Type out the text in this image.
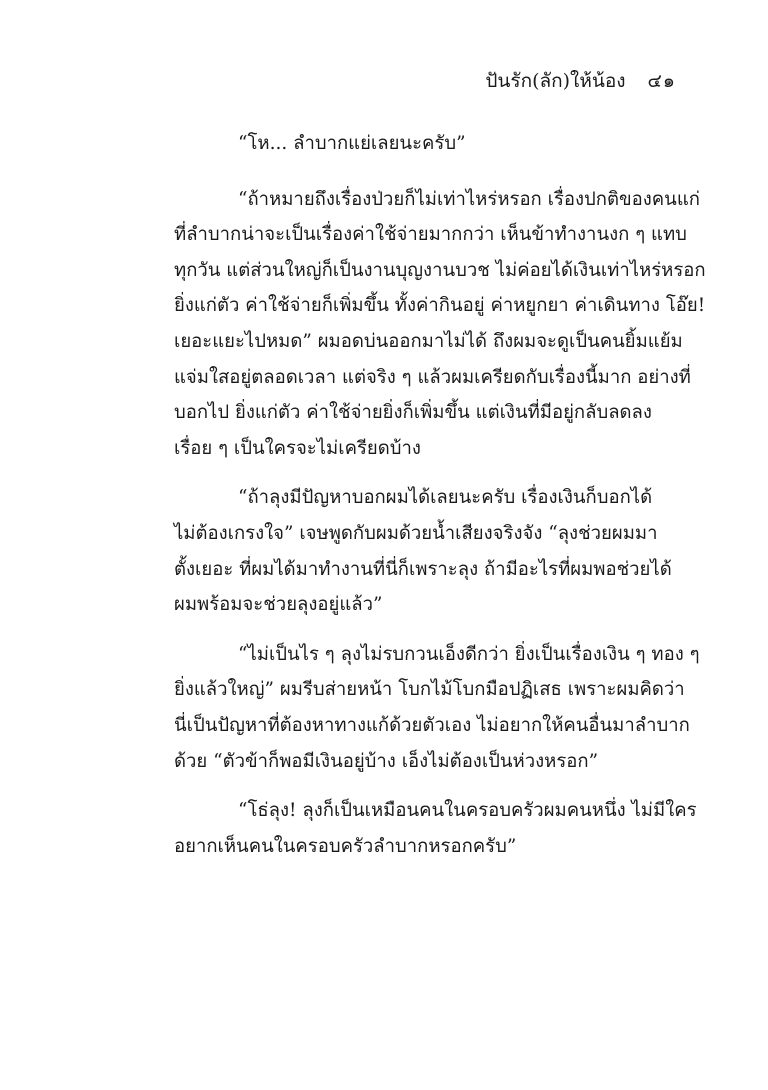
ปันรัก(ลัก)ให้น้อง ๔๑

“โห... ลำบากแย่เลยนะครับ”

“ถ้าหมายถึงเรื่องป่วยก็ไม่เท่าไหร่หรอก เรื่องปกติของคนแก่
ที่ลำบากน่าจะเป็นเรื่องค่าใช้จ่ายมากกว่า เห็นข้าทำงานงก ๆ แทบ
ทุกวัน แต่ส่วนใหญ่ก็เป็นงานบุญงานบวช ไม่ค่อยได้เงินเท่าไหร่หรอก
ยิ่งแก่ตัว ค่าใช้จ่ายก็เพิ่มขึ้น ทั้งค่ากินอยู่ ค่าหยูกยา ค่าเดินทาง โอ๊ย!
เยอะแยะไปหมด” ผมอดบ่นออกมาไม่ได้ ถึงผมจะดูเป็นคนยิ้มแย้ม
แจ่มใสอยู่ตลอดเวลา แต่จริง ๆ แล้วผมเครียดกับเรื่องนี้มาก อย่างที่
บอกไป ยิ่งแก่ตัว ค่าใช้จ่ายยิ่งก็เพิ่มขึ้น แต่เงินที่มีอยู่กลับลดลง
เรื่อย ๆ เป็นใครจะไม่เครียดบ้าง

“ถ้าลุงมีปัญหาบอกผมได้เลยนะครับ เรื่องเงินก็บอกได้
ไม่ต้องเกรงใจ” เจษพูดกับผมด้วยน้ำเสียงจริงจัง “ลุงช่วยผมมา
ตั้งเยอะ ที่ผมได้มาทำงานที่นี่ก็เพราะลุง ถ้ามีอะไรที่ผมพอช่วยได้
ผมพร้อมจะช่วยลุงอยู่แล้ว”

“ไม่เป็นไร ๆ ลุงไม่รบกวนเอ็งดีกว่า ยิ่งเป็นเรื่องเงิน ๆ ทอง ๆ
ยิ่งแล้วใหญ่” ผมรีบส่ายหน้า โบกไม้โบกมือปฏิเสธ เพราะผมคิดว่า
นี่เป็นปัญหาที่ต้องหาทางแก้ด้วยตัวเอง ไม่อยากให้คนอื่นมาลำบาก
ด้วย “ตัวข้าก็พอมีเงินอยู่บ้าง เอ็งไม่ต้องเป็นห่วงหรอก”

“โธ่ลุง! ลุงก็เป็นเหมือนคนในครอบครัวผมคนหนึ่ง ไม่มีใคร
อยากเห็นคนในครอบครัวลำบากหรอกครับ”
